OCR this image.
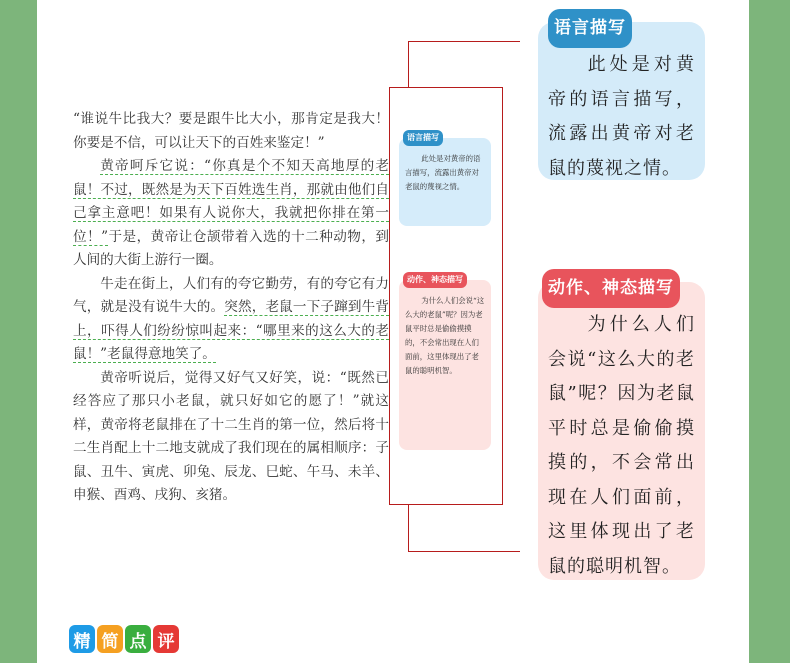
“谁说牛比我大？要是跟牛比大小，那肯定是我大！你要是不信，可以让天下的百姓来鉴定！”

黄帝呵斥它说：“你真是个不知天高地厚的老鼠！不过，既然是为天下百姓选生肖，那就由他们自己拿主意吧！如果有人说你大，我就把你排在第一位！”于是，黄帝让仓颉带着入选的十二种动物，到人间的大街上游行一圈。

牛走在街上，人们有的夸它勤劳，有的夸它有力气，就是没有说牛大的。突然，老鼠一下子蹿到牛背上，吓得人们纷纷惊叫起来：“哪里来的这么大的老鼠！”老鼠得意地笑了。

黄帝听说后，觉得又好气又好笑，说：“既然已经答应了那只小老鼠，就只好如它的愿了！”就这样，黄帝将老鼠排在了十二生肖的第一位，然后将十二生肖配上十二地支就成了我们现在的属相顺序：子鼠、丑牛、寅虎、卯兔、辰龙、巳蛇、午马、未羊、申猴、酉鸡、戌狗、亥猪。

语言描写
此处是对黄帝的语言描写，流露出黄帝对老鼠的蔑视之情。
动作、神态描写
为什么人们会说“这么大的老鼠”呢？因为老鼠平时总是偷偷摸摸的，不会常出现在人们面前，这里体现出了老鼠的聪明机智。
语言描写
此处是对黄帝的语言描写，流露出黄帝对老鼠的蔑视之情。
动作、神态描写
为什么人们会说“这么大的老鼠”呢？因为老鼠平时总是偷偷摸摸的，不会常出现在人们面前，这里体现出了老鼠的聪明机智。
精 简 点 评
